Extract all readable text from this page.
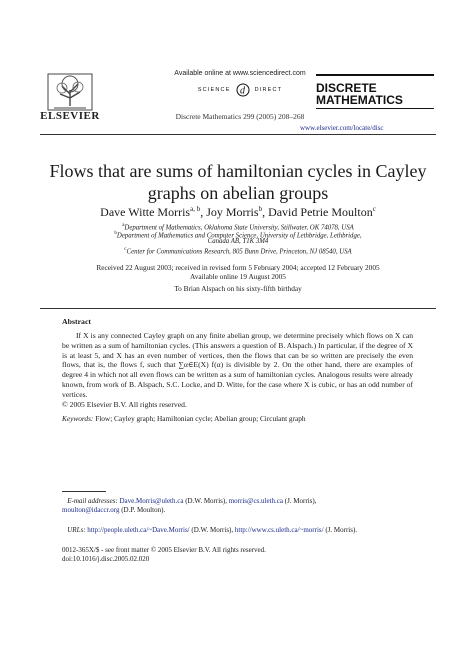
ELSEVIER
Available online at www.sciencedirect.com
SCIENCE d DIRECT
Discrete Mathematics 299 (2005) 208–268
DISCRETE
MATHEMATICS
www.elsevier.com/locate/disc
Flows that are sums of hamiltonian cycles in Cayley
graphs on abelian groups
Dave Witte Morris$^{a, b}$, Joy Morris$^b$, David Petrie Moulton$^c$
$^a$Department of Mathematics, Oklahoma State University, Stillwater, OK 74078, USA
$^b$Department of Mathematics and Computer Science, University of Lethbridge, Lethbridge,
Canada AB, T1K 3M4
$^c$Center for Communications Research, 805 Bunn Drive, Princeton, NJ 08540, USA
Received 22 August 2003; received in revised form 5 February 2004; accepted 12 February 2005
Available online 19 August 2005
To Brian Alspach on his sixty-fifth birthday
Abstract

If X is any connected Cayley graph on any finite abelian group, we determine precisely which flows on X can be written as a sum of hamiltonian cycles. (This answers a question of B. Alspach.) In particular, if the degree of X is at least 5, and X has an even number of vertices, then the flows that can be so written are precisely the even flows, that is, the flows f, such that ∑α∈E(X) f(α) is divisible by 2. On the other hand, there are examples of degree 4 in which not all even flows can be written as a sum of hamiltonian cycles. Analogous results were already known, from work of B. Alspach, S.C. Locke, and D. Witte, for the case where X is cubic, or has an odd number of vertices.

© 2005 Elsevier B.V. All rights reserved.
Keywords: Flow; Cayley graph; Hamiltonian cycle; Abelian group; Circulant graph
E-mail addresses: Dave.Morris@uleth.ca (D.W. Morris), morris@cs.uleth.ca (J. Morris),
moulton@idaccr.org (D.P. Moulton).
URLs: http://people.uleth.ca/~Dave.Morris/ (D.W. Morris), http://www.cs.uleth.ca/~morris/ (J. Morris).
0012-365X/$ - see front matter © 2005 Elsevier B.V. All rights reserved.
doi:10.1016/j.disc.2005.02.020
